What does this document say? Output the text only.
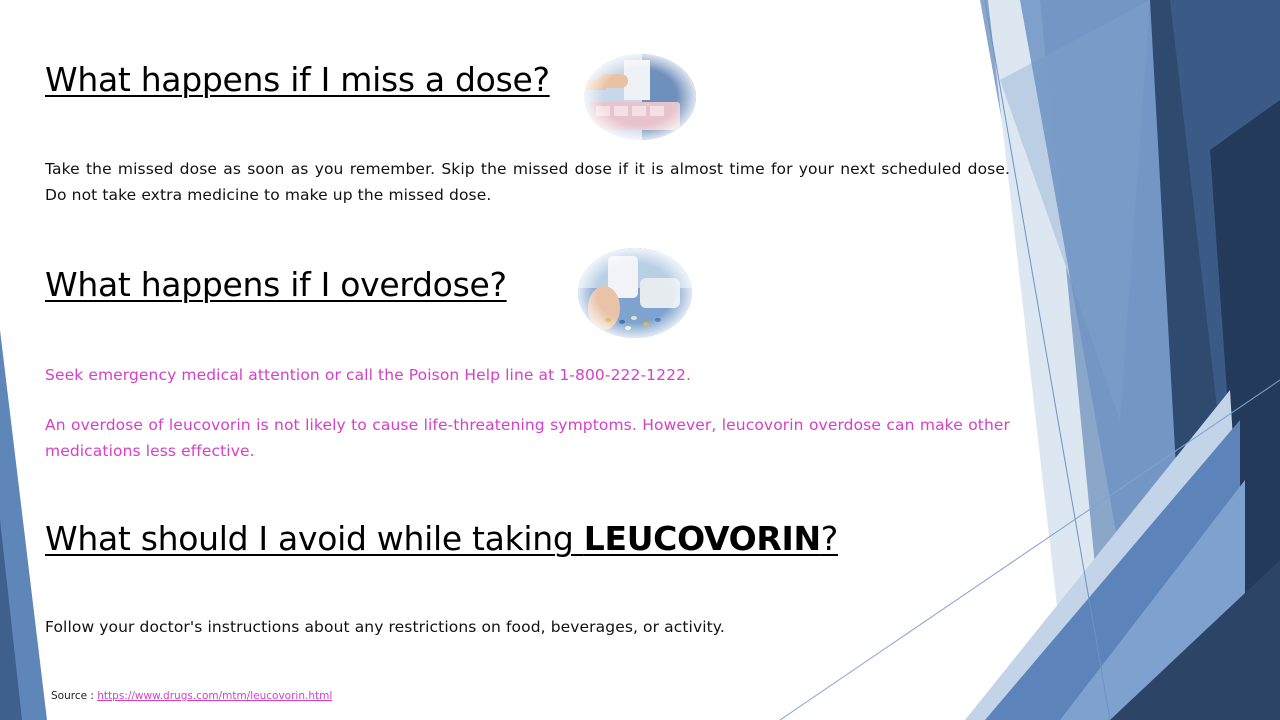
What happens if I miss a dose?

Take the missed dose as soon as you remember. Skip the missed dose if it is almost time for your next scheduled dose. Do not take extra medicine to make up the missed dose.

What happens if I overdose?

Seek emergency medical attention or call the Poison Help line at 1-800-222-1222.

An overdose of leucovorin is not likely to cause life-threatening symptoms. However, leucovorin overdose can make other medications less effective.

What should I avoid while taking LEUCOVORIN?

Follow your doctor's instructions about any restrictions on food, beverages, or activity.

Source : https://www.drugs.com/mtm/leucovorin.html
